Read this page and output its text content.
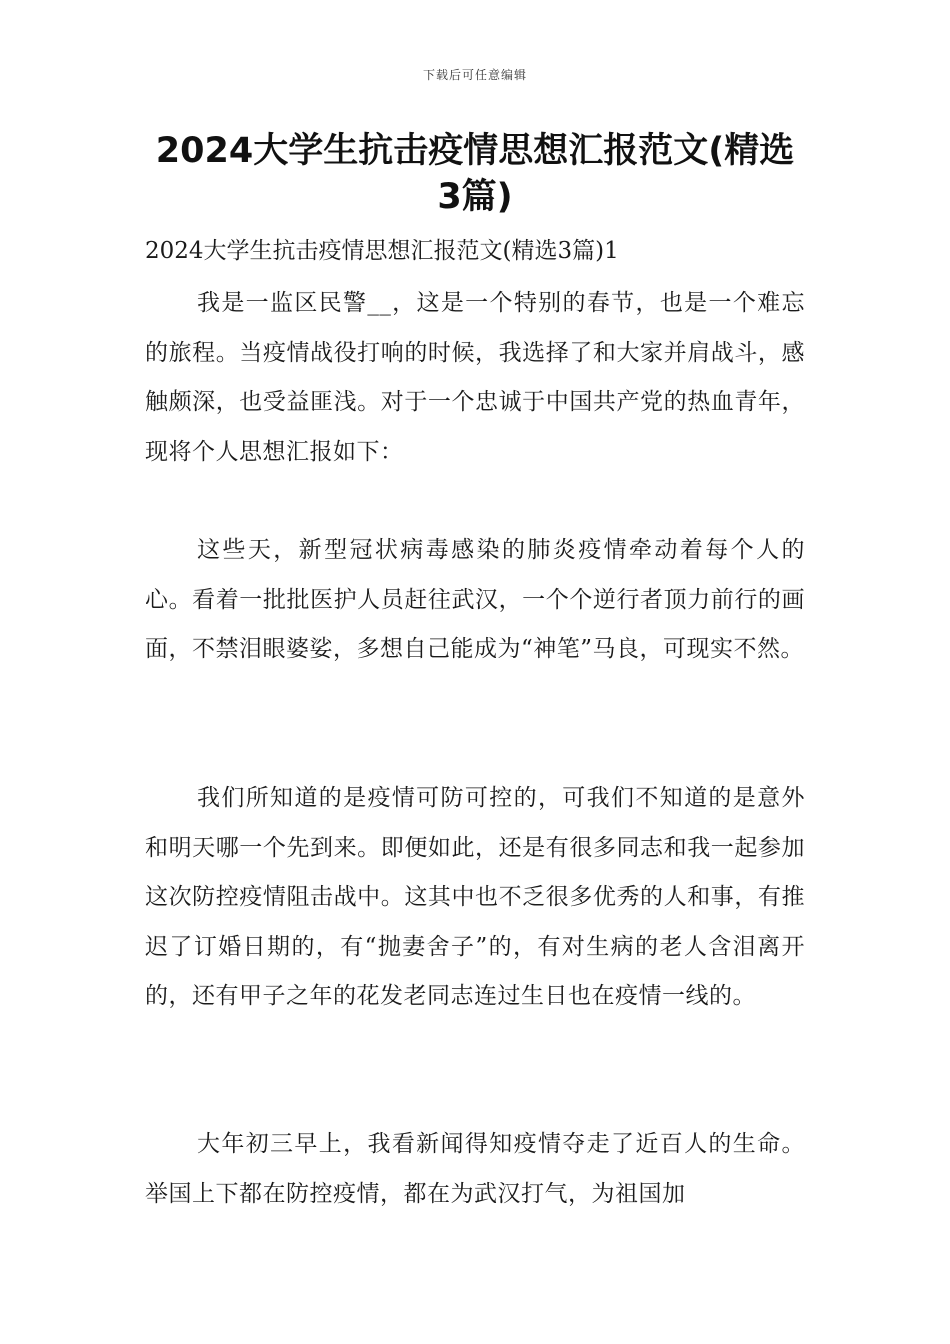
下载后可任意编辑
2024大学生抗击疫情思想汇报范文(精选3篇)

2024大学生抗击疫情思想汇报范文(精选3篇)1

我是一监区民警__，这是一个特别的春节，也是一个难忘的旅程。当疫情战役打响的时候，我选择了和大家并肩战斗，感触颇深，也受益匪浅。对于一个忠诚于中国共产党的热血青年，现将个人思想汇报如下：

这些天，新型冠状病毒感染的肺炎疫情牵动着每个人的心。看着一批批医护人员赶往武汉，一个个逆行者顶力前行的画面，不禁泪眼婆娑，多想自己能成为“神笔”马良，可现实不然。

我们所知道的是疫情可防可控的，可我们不知道的是意外和明天哪一个先到来。即便如此，还是有很多同志和我一起参加这次防控疫情阻击战中。这其中也不乏很多优秀的人和事，有推迟了订婚日期的，有“抛妻舍子”的，有对生病的老人含泪离开的，还有甲子之年的花发老同志连过生日也在疫情一线的。

大年初三早上，我看新闻得知疫情夺走了近百人的生命。举国上下都在防控疫情，都在为武汉打气，为祖国加
